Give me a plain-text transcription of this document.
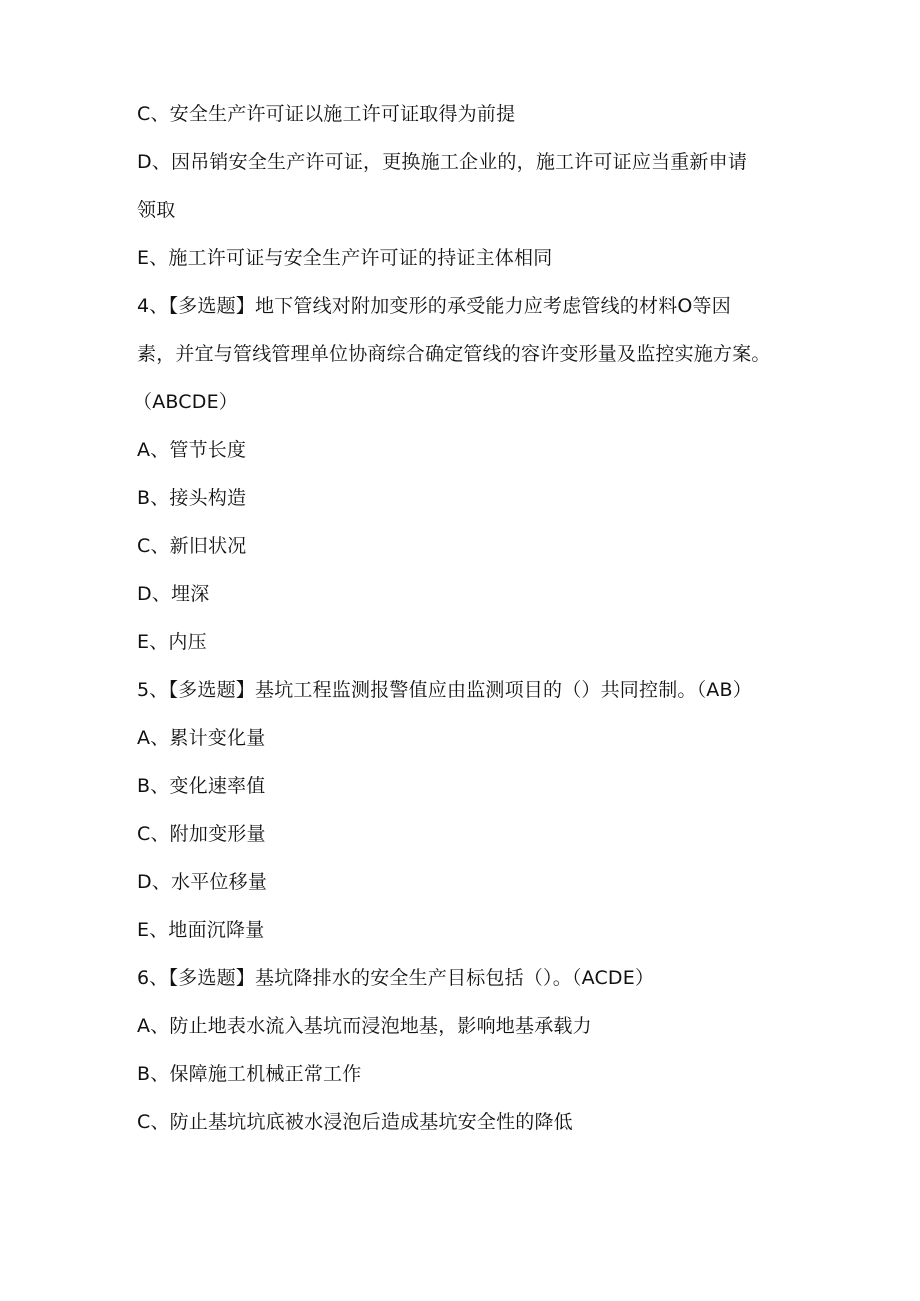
C、安全生产许可证以施工许可证取得为前提

D、因吊销安全生产许可证，更换施工企业的，施工许可证应当重新申请

领取

E、施工许可证与安全生产许可证的持证主体相同

4、【多选题】地下管线对附加变形的承受能力应考虑管线的材料O等因

素，并宜与管线管理单位协商综合确定管线的容许变形量及监控实施方案。

（ABCDE）

A、管节长度

B、接头构造

C、新旧状况

D、埋深

E、内压

5、【多选题】基坑工程监测报警值应由监测项目的（）共同控制。（AB）

A、累计变化量

B、变化速率值

C、附加变形量

D、水平位移量

E、地面沉降量

6、【多选题】基坑降排水的安全生产目标包括（）。（ACDE）

A、防止地表水流入基坑而浸泡地基，影响地基承载力

B、保障施工机械正常工作

C、防止基坑坑底被水浸泡后造成基坑安全性的降低
